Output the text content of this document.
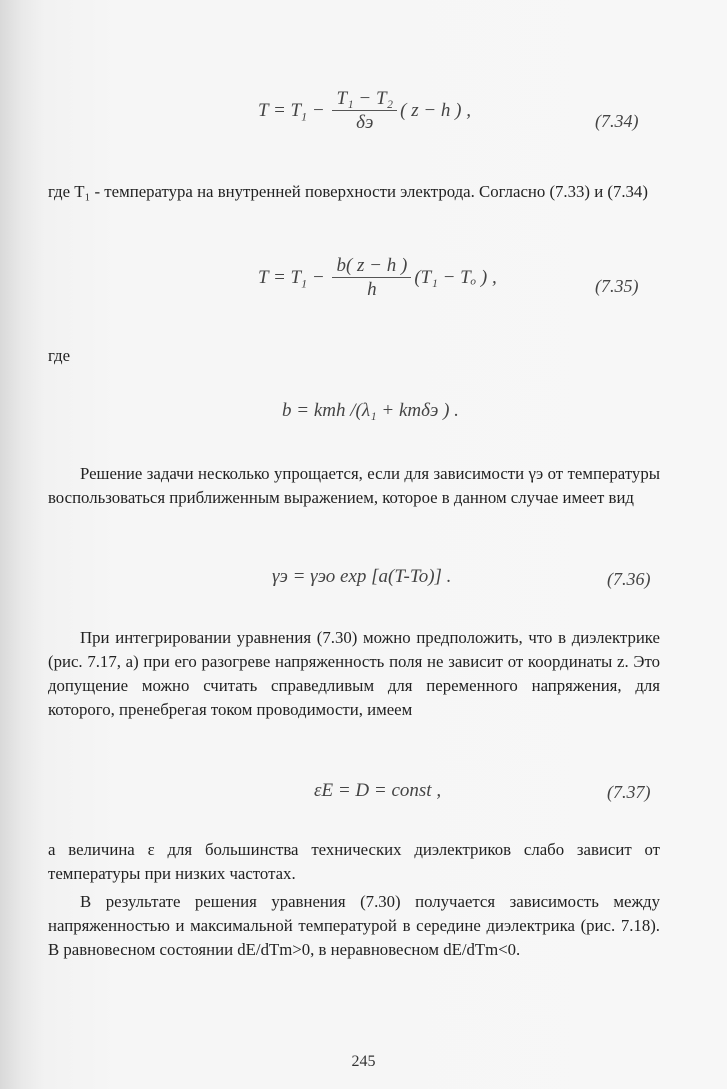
$T = T_1 - \frac{\text{T₁ − T₂}}{\delta э}$ ( z − h ) ,
(7.34)
где T₁ - температура на внутренней поверхности электрода. Согласно (7.33) и (7.34)
$T = T_1 - \frac{b( z - h )}{h} (T_1 - T_o$ ) ,	(7.35)
где
b = kтh /(λ₁ + kтδэ ) .
Решение задачи несколько упрощается, если для зависимости γэ от температуры воспользоваться приближенным выражением, которое в данном случае имеет вид
γэ = γэо exp [a(T-To)] .	(7.36)
При интегрировании уравнения (7.30) можно предположить, что в диэлектрике (рис. 7.17, а) при его разогреве напряженность поля не зависит от координаты z. Это допущение можно считать справедливым для переменного напряжения, для которого, пренебрегая током проводимости, имеем
εE = D = const ,	(7.37)
а величина ε для большинства технических диэлектриков слабо зависит от температуры при низких частотах.
В результате решения уравнения (7.30) получается зависимость между напряженностью и максимальной температурой в середине диэлектрика (рис. 7.18). В равновесном состоянии dE/dTm>0, в неравновесном dE/dTm<0.
245
